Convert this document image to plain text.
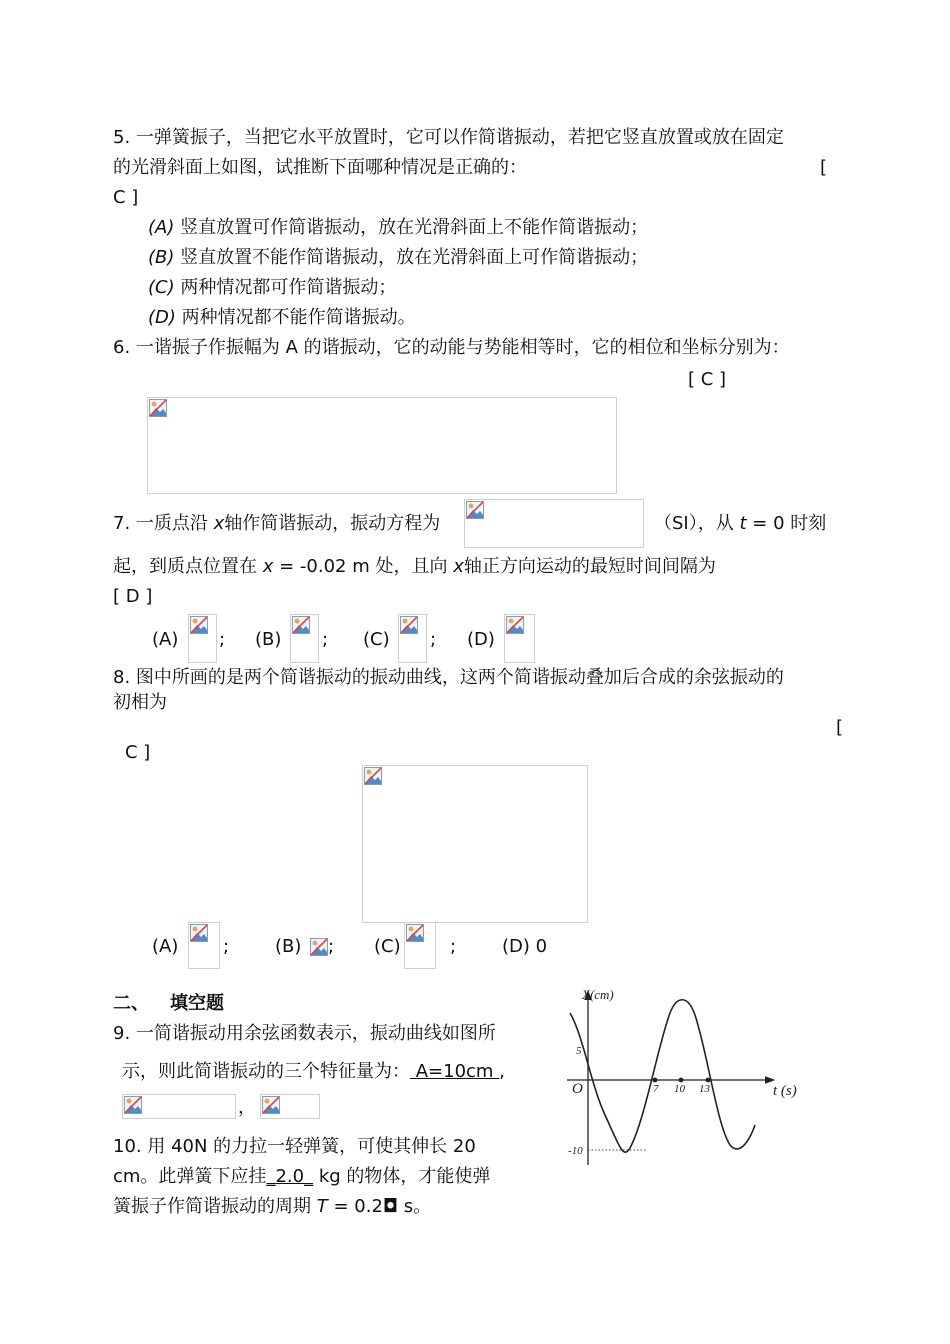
5. 一弹簧振子，当把它水平放置时，它可以作简谐振动，若把它竖直放置或放在固定
的光滑斜面上如图，试推断下面哪种情况是正确的：	[
C ]
(A) 竖直放置可作简谐振动，放在光滑斜面上不能作简谐振动；
(B) 竖直放置不能作简谐振动，放在光滑斜面上可作简谐振动；
(C) 两种情况都可作简谐振动；
(D) 两种情况都不能作简谐振动。
6. 一谐振子作振幅为 A 的谐振动，它的动能与势能相等时，它的相位和坐标分别为：
[ C ]
7. 一质点沿 x轴作简谐振动，振动方程为	（SI），从 t = 0 时刻
起，到质点位置在 x = -0.02 m 处，且向 x轴正方向运动的最短时间间隔为
[ D ]
(A) ; (B) ; (C) ; (D)
8. 图中所画的是两个简谐振动的振动曲线，这两个简谐振动叠加后合成的余弦振动的
初相为
[
C ]
(A) ;	(B) ; (C)	;	(D) 0
二、 填空题
9. 一简谐振动用余弦函数表示，振动曲线如图所
示，则此简谐振动的三个特征量为： A=10cm ,
，
10. 用 40N 的力拉一轻弹簧，可使其伸长 20
cm。此弹簧下应挂_2.0_ kg 的物体，才能使弹
簧振子作简谐振动的周期 T = 0.2◘ s。
X(cm)
t (s)
O
5
-10
7 10 13
